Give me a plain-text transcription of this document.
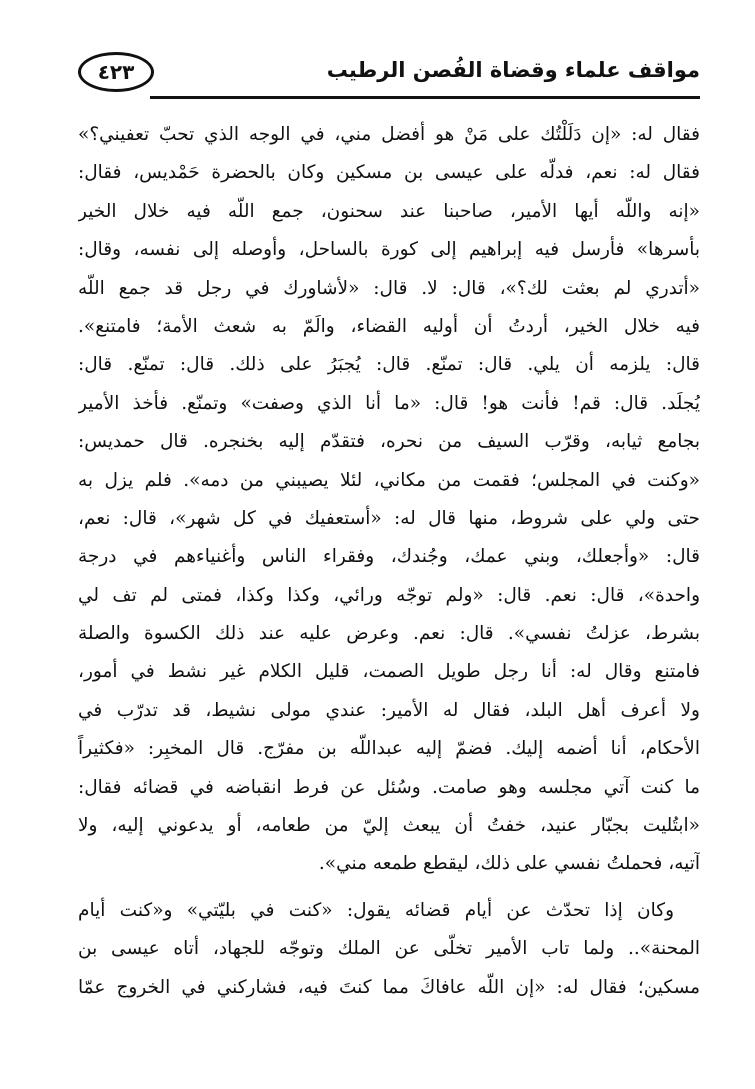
مواقف علماء وقضاة الفُصن الرطيب
٤٢٣
فقال له: «إن دَلَلْتُك على مَنْ هو أفضل مني، في الوجه الذي تحبّ تعفيني؟»
فقال له: نعم، فدلّه على عيسى بن مسكين وكان بالحضرة حَمْديس، فقال:
«إنه واللّه أيها الأمير، صاحبنا عند سحنون، جمع اللّه فيه خلال الخير
بأسرها» فأرسل فيه إبراهيم إلى كورة بالساحل، وأوصله إلى نفسه، وقال:
«أتدري لم بعثت لك؟»، قال: لا. قال: «لأشاورك في رجل قد جمع اللّه
فيه خلال الخير، أردتُ أن أوليه القضاء، والَمّ به شعث الأمة؛ فامتنع».
قال: يلزمه أن يلي. قال: تمنّع. قال: يُجبَرُ على ذلك. قال: تمنّع. قال:
يُجلَد. قال: قم! فأنت هو! قال: «ما أنا الذي وصفت» وتمنّع. فأخذ الأمير
بجامع ثيابه، وقرّب السيف من نحره، فتقدّم إليه بخنجره. قال حمديس:
«وكنت في المجلس؛ فقمت من مكاني، لئلا يصيبني من دمه». فلم يزل به
حتى ولي على شروط، منها قال له: «أستعفيك في كل شهر»، قال: نعم،
قال: «وأجعلك، وبني عمك، وجُندك، وفقراء الناس وأغنياءهم في درجة
واحدة»، قال: نعم. قال: «ولم توجّه ورائي، وكذا وكذا، فمتى لم تف لي
بشرط، عزلتُ نفسي». قال: نعم. وعرض عليه عند ذلك الكسوة والصلة
فامتنع وقال له: أنا رجل طويل الصمت، قليل الكلام غير نشط في أمور،
ولا أعرف أهل البلد، فقال له الأمير: عندي مولى نشيط، قد تدرّب في
الأحكام، أنا أضمه إليك. فضمّ إليه عبداللّه بن مفرّج. قال المخبِر: «فكثيراً
ما كنت آتي مجلسه وهو صامت. وسُئل عن فرط انقباضه في قضائه فقال:
«ابتُليت بجبّار عنيد، خفتُ أن يبعث إليّ من طعامه، أو يدعوني إليه، ولا
آتيه، فحملتُ نفسي على ذلك، ليقطع طمعه مني».
وكان إذا تحدّث عن أيام قضائه يقول: «كنت في بليّتي» و«كنت أيام
المحنة».. ولما تاب الأمير تخلّى عن الملك وتوجّه للجهاد، أتاه عيسى بن
مسكين؛ فقال له: «إن اللّه عافاكَ مما كنتَ فيه، فشاركني في الخروج عمّا
